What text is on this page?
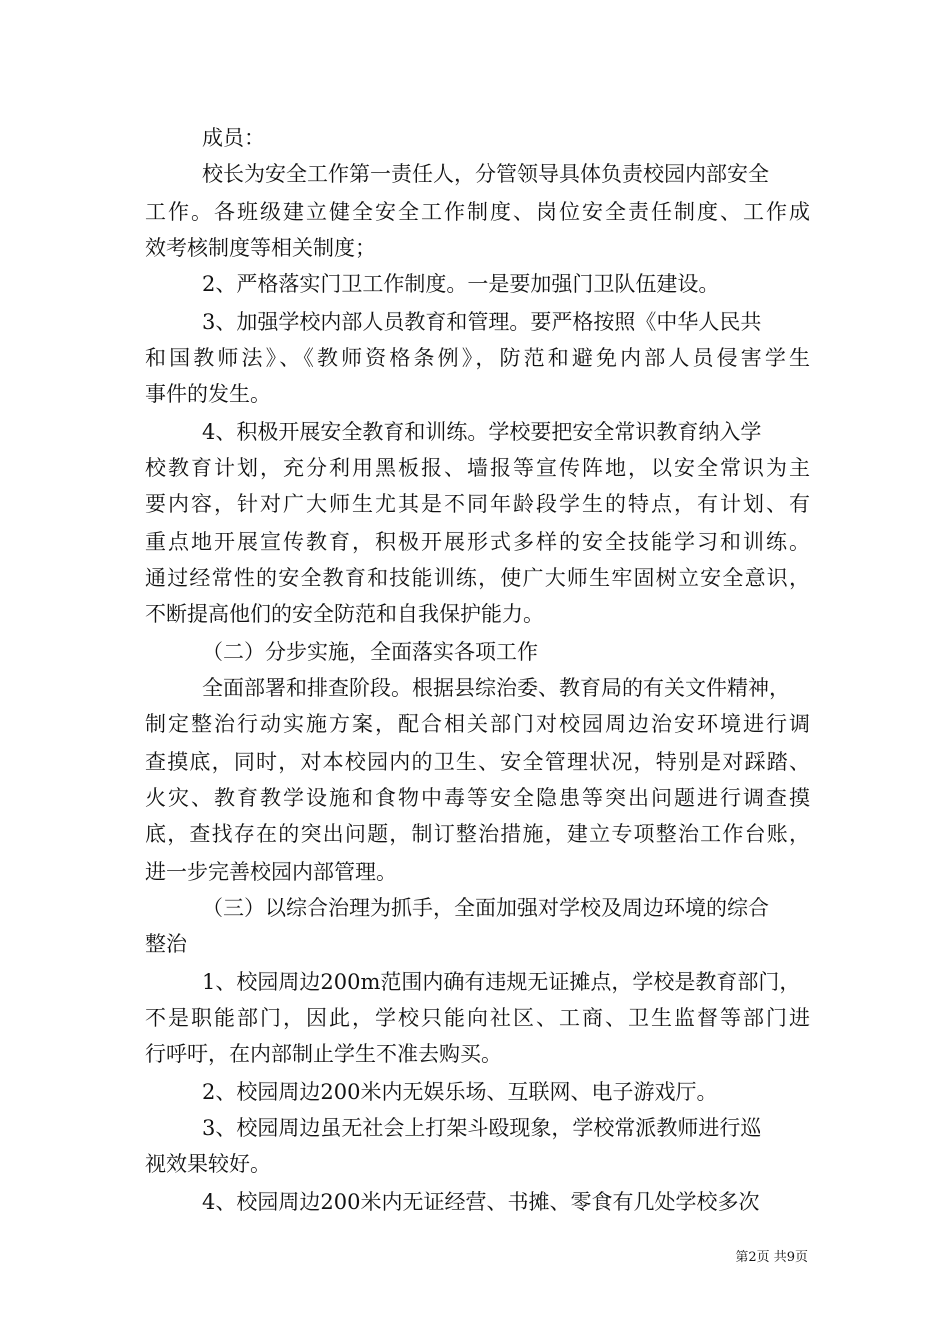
成员：
校长为安全工作第一责任人，分管领导具体负责校园内部安全
工作。各班级建立健全安全工作制度、岗位安全责任制度、工作成
效考核制度等相关制度；
2、严格落实门卫工作制度。一是要加强门卫队伍建设。
3、加强学校内部人员教育和管理。要严格按照《中华人民共
和国教师法》、《教师资格条例》，防范和避免内部人员侵害学生
事件的发生。
4、积极开展安全教育和训练。学校要把安全常识教育纳入学
校教育计划，充分利用黑板报、墙报等宣传阵地，以安全常识为主
要内容，针对广大师生尤其是不同年龄段学生的特点，有计划、有
重点地开展宣传教育，积极开展形式多样的安全技能学习和训练。
通过经常性的安全教育和技能训练，使广大师生牢固树立安全意识，
不断提高他们的安全防范和自我保护能力。
（二）分步实施，全面落实各项工作
全面部署和排查阶段。根据县综治委、教育局的有关文件精神，
制定整治行动实施方案，配合相关部门对校园周边治安环境进行调
查摸底，同时，对本校园内的卫生、安全管理状况，特别是对踩踏、
火灾、教育教学设施和食物中毒等安全隐患等突出问题进行调查摸
底，查找存在的突出问题，制订整治措施，建立专项整治工作台账，
进一步完善校园内部管理。
（三）以综合治理为抓手，全面加强对学校及周边环境的综合
整治
1、校园周边200m范围内确有违规无证摊点，学校是教育部门，
不是职能部门，因此，学校只能向社区、工商、卫生监督等部门进
行呼吁，在内部制止学生不准去购买。
2、校园周边200米内无娱乐场、互联网、电子游戏厅。
3、校园周边虽无社会上打架斗殴现象，学校常派教师进行巡
视效果较好。
4、校园周边200米内无证经营、书摊、零食有几处学校多次
第2页 共9页
